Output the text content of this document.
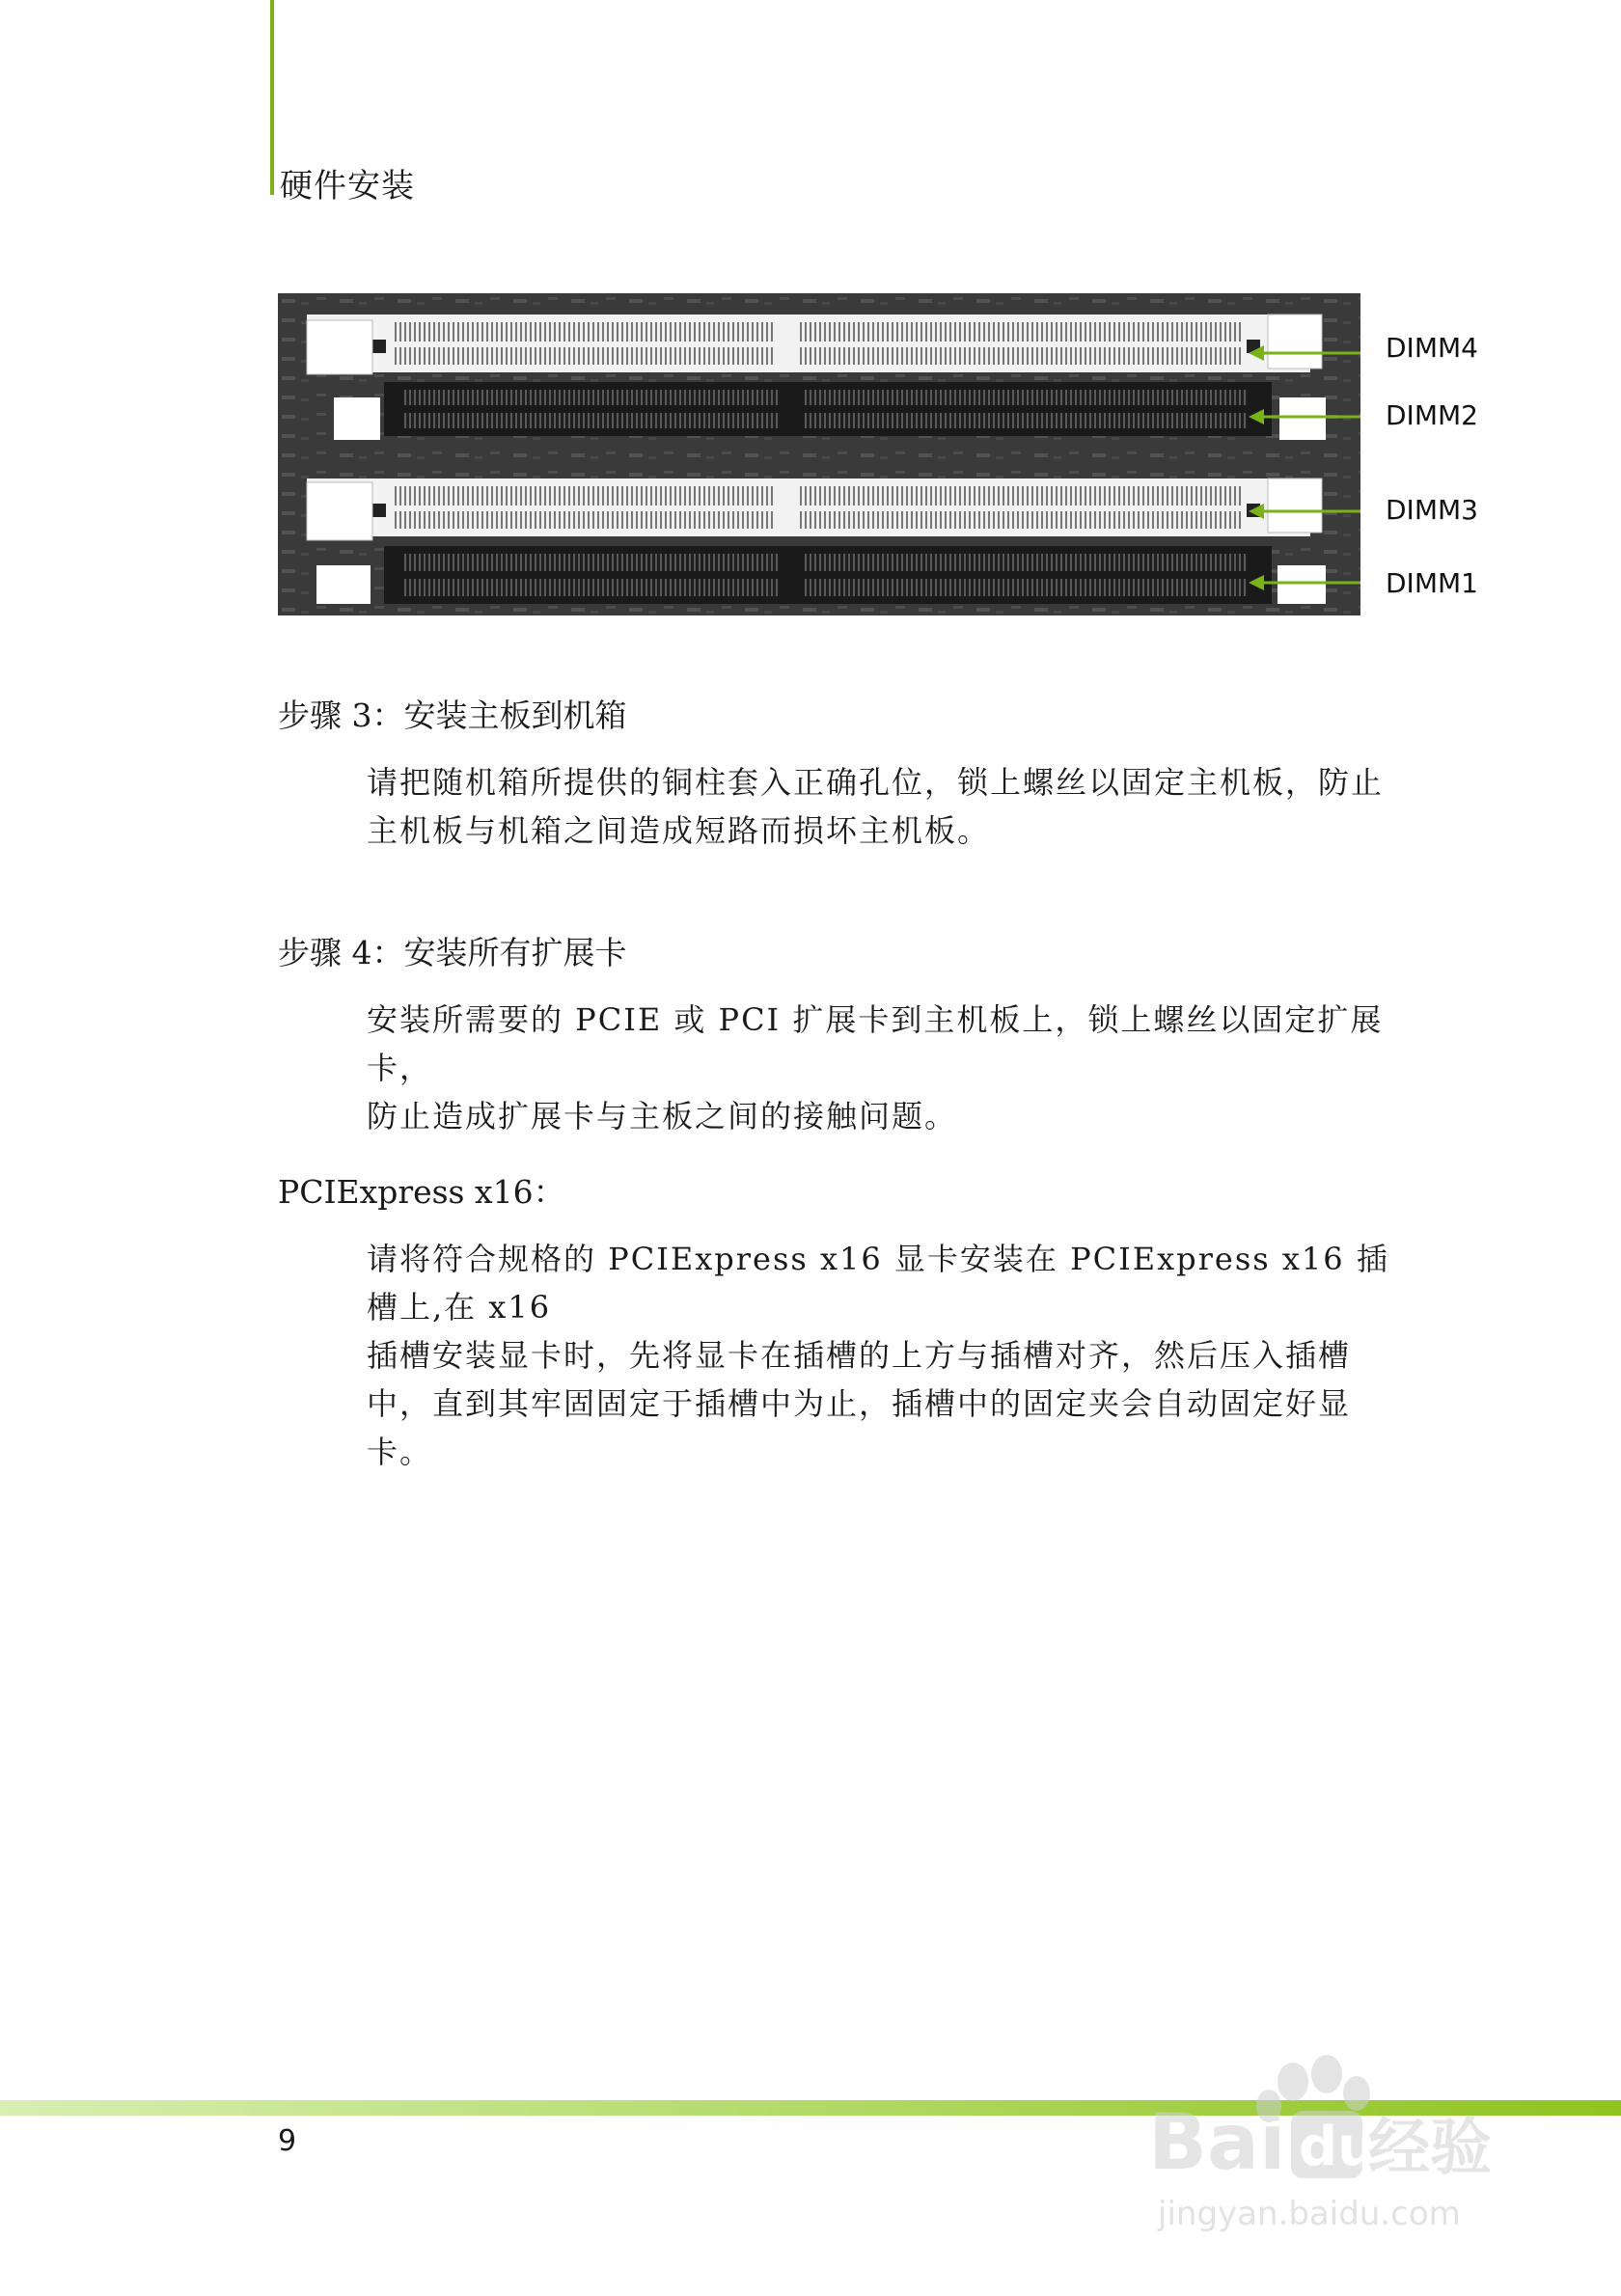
硬件安装
DIMM4
DIMM2
DIMM3
DIMM1
步骤 3：安装主板到机箱

请把随机箱所提供的铜柱套入正确孔位，锁上螺丝以固定主机板，防止
主机板与机箱之间造成短路而损坏主机板。

步骤 4：安装所有扩展卡

安装所需要的 PCIE 或 PCI 扩展卡到主机板上，锁上螺丝以固定扩展卡，
防止造成扩展卡与主板之间的接触问题。

PCIExpress x16：

请将符合规格的 PCIExpress x16 显卡安装在 PCIExpress x16 插槽上,在 x16
插槽安装显卡时，先将显卡在插槽的上方与插槽对齐，然后压入插槽
中，直到其牢固固定于插槽中为止，插槽中的固定夹会自动固定好显
卡。

9	Bai du
经验
jingyan.baidu.com
